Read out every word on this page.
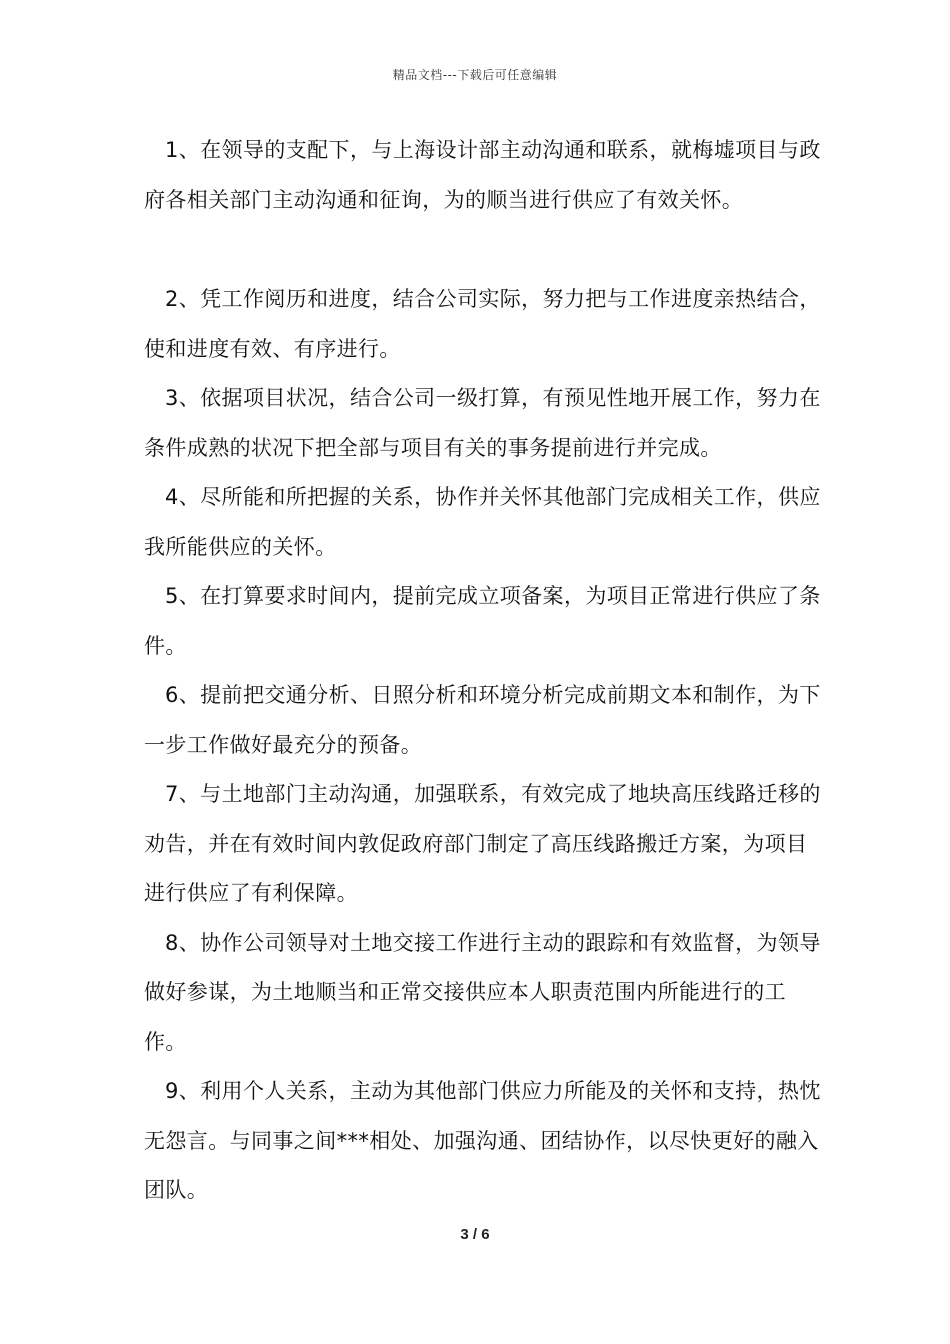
精品文档---下载后可任意编辑

1、在领导的支配下，与上海设计部主动沟通和联系，就梅墟项目与政府各相关部门主动沟通和征询，为的顺当进行供应了有效关怀。

2、凭工作阅历和进度，结合公司实际，努力把与工作进度亲热结合，使和进度有效、有序进行。

3、依据项目状况，结合公司一级打算，有预见性地开展工作，努力在条件成熟的状况下把全部与项目有关的事务提前进行并完成。

4、尽所能和所把握的关系，协作并关怀其他部门完成相关工作，供应我所能供应的关怀。

5、在打算要求时间内，提前完成立项备案，为项目正常进行供应了条件。

6、提前把交通分析、日照分析和环境分析完成前期文本和制作，为下一步工作做好最充分的预备。

7、与土地部门主动沟通，加强联系，有效完成了地块高压线路迁移的劝告，并在有效时间内敦促政府部门制定了高压线路搬迁方案，为项目进行供应了有利保障。

8、协作公司领导对土地交接工作进行主动的跟踪和有效监督，为领导做好参谋，为土地顺当和正常交接供应本人职责范围内所能进行的工作。

9、利用个人关系，主动为其他部门供应力所能及的关怀和支持，热忱无怨言。与同事之间***相处、加强沟通、团结协作，以尽快更好的融入团队。

3 / 6
